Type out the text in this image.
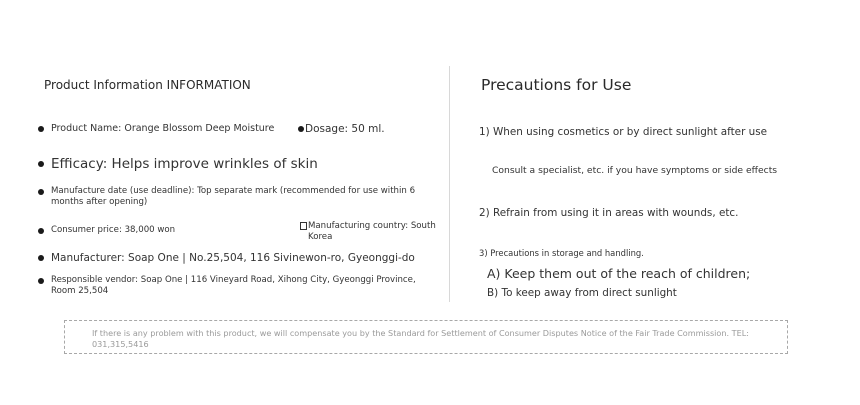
Product Information INFORMATION
Product Name: Orange Blossom Deep Moisture	Dosage: 50 ml.
Efficacy: Helps improve wrinkles of skin
Manufacture date (use deadline): Top separate mark (recommended for use within 6 months after opening)
Consumer price: 38,000 won	Manufacturing country: South Korea
Manufacturer: Soap One | No.25,504, 116 Sivinewon-ro, Gyeonggi-do
Responsible vendor: Soap One | 116 Vineyard Road, Xihong City, Gyeonggi Province, Room 25,504
Precautions for Use
1) When using cosmetics or by direct sunlight after use
Consult a specialist, etc. if you have symptoms or side effects
2) Refrain from using it in areas with wounds, etc.
3) Precautions in storage and handling.
A) Keep them out of the reach of children;
B) To keep away from direct sunlight
If there is any problem with this product, we will compensate you by the Standard for Settlement of Consumer Disputes Notice of the Fair Trade Commission. TEL: 031,315,5416
